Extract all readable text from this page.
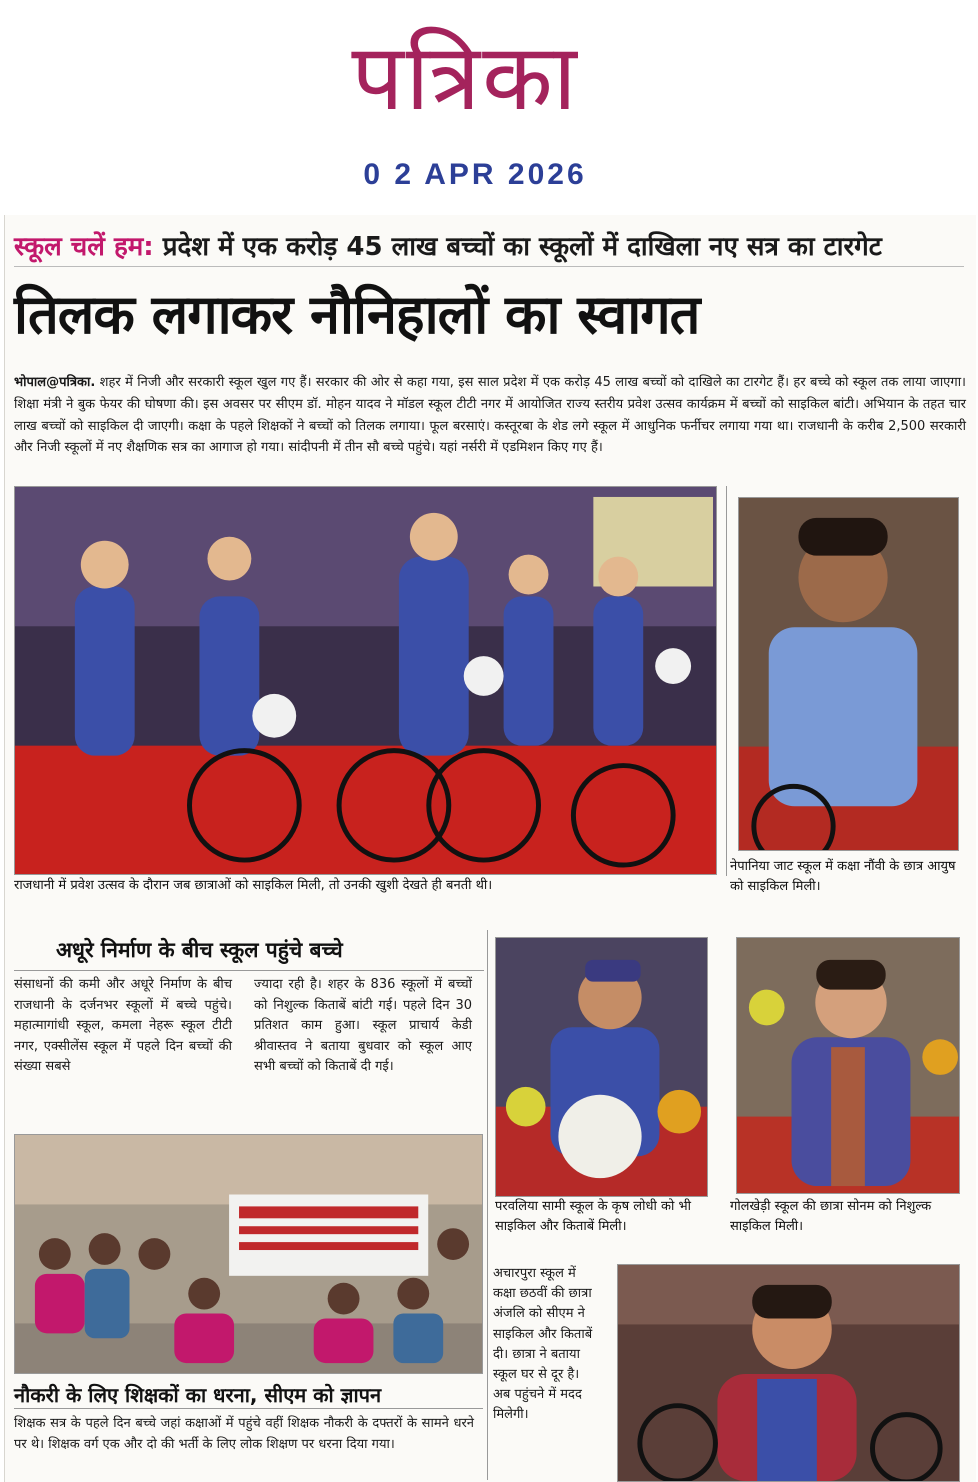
पत्रिका
0 2 APR 2026
स्कूल चलें हम: प्रदेश में एक करोड़ 45 लाख बच्चों का स्कूलों में दाखिला नए सत्र का टारगेट
तिलक लगाकर नौनिहालों का स्वागत
भोपाल@पत्रिका. शहर में निजी और सरकारी स्कूल खुल गए हैं। सरकार की ओर से कहा गया, इस साल प्रदेश में एक करोड़ 45 लाख बच्चों को दाखिले का टारगेट हैं। हर बच्चे को स्कूल तक लाया जाएगा। शिक्षा मंत्री ने बुक फेयर की घोषणा की। इस अवसर पर सीएम डॉ. मोहन यादव ने मॉडल स्कूल टीटी नगर में आयोजित राज्य स्तरीय प्रवेश उत्सव कार्यक्रम में बच्चों को साइकिल बांटी। अभियान के तहत चार लाख बच्चों को साइकिल दी जाएगी। कक्षा के पहले शिक्षकों ने बच्चों को तिलक लगाया। फूल बरसाएं। कस्तूरबा के शेड लगे स्कूल में आधुनिक फर्नीचर लगाया गया था। राजधानी के करीब 2,500 सरकारी और निजी स्कूलों में नए शैक्षणिक सत्र का आगाज हो गया। सांदीपनी में तीन सौ बच्चे पहुंचे। यहां नर्सरी में एडमिशन किए गए हैं।
राजधानी में प्रवेश उत्सव के दौरान जब छात्राओं को साइकिल मिली, तो उनकी खुशी देखते ही बनती थी।
नेपानिया जाट स्कूल में कक्षा नौंवी के छात्र आयुष को साइकिल मिली।
अधूरे निर्माण के बीच स्कूल पहुंचे बच्चे
संसाधनों की कमी और अधूरे निर्माण के बीच राजधानी के दर्जनभर स्कूलों में बच्चे पहुंचे। महात्मागांधी स्कूल, कमला नेहरू स्कूल टीटी नगर, एक्सीलेंस स्कूल में पहले दिन बच्चों की संख्या सबसे
ज्यादा रही है। शहर के 836 स्कूलों में बच्चों को निशुल्क किताबें बांटी गई। पहले दिन 30 प्रतिशत काम हुआ। स्कूल प्राचार्य केडी श्रीवास्तव ने बताया बुधवार को स्कूल आए सभी बच्चों को किताबें दी गई।
परवलिया सामी स्कूल के कृष लोधी को भी साइकिल और किताबें मिली।
गोलखेड़ी स्कूल की छात्रा सोनम को निशुल्क साइकिल मिली।
नौकरी के लिए शिक्षकों का धरना, सीएम को ज्ञापन
शिक्षक सत्र के पहले दिन बच्चे जहां कक्षाओं में पहुंचे वहीं शिक्षक नौकरी के दफ्तरों के सामने धरने पर थे। शिक्षक वर्ग एक और दो की भर्ती के लिए लोक शिक्षण पर धरना दिया गया।
अचारपुरा स्कूल में कक्षा छठवीं की छात्रा अंजलि को सीएम ने साइकिल और किताबें दी। छात्रा ने बताया स्कूल घर से दूर है। अब पहुंचने में मदद मिलेगी।
